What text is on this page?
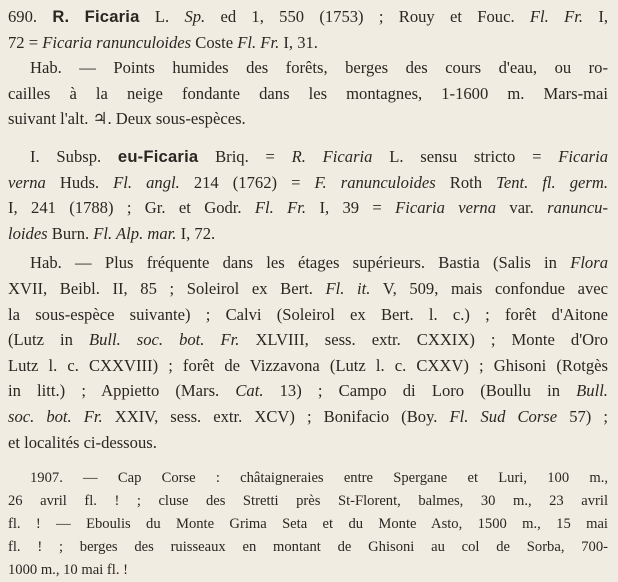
690. R. Ficaria L. Sp. ed 1, 550 (1753) ; Rouy et Fouc. Fl. Fr. I,
72 = Ficaria ranunculoides Coste Fl. Fr. I, 31.
Hab. — Points humides des forêts, berges des cours d'eau, ou ro-
cailles à la neige fondante dans les montagnes, 1-1600 m. Mars-mai
suivant l'alt. ♃. Deux sous-espèces.
I. Subsp. eu-Ficaria Briq. = R. Ficaria L. sensu stricto = Ficaria
verna Huds. Fl. angl. 214 (1762) = F. ranunculoides Roth Tent. fl. germ.
I, 241 (1788) ; Gr. et Godr. Fl. Fr. I, 39 = Ficaria verna var. ranuncu-
loides Burn. Fl. Alp. mar. I, 72.
Hab. — Plus fréquente dans les étages supérieurs. Bastia (Salis in Flora
XVII, Beibl. II, 85 ; Soleirol ex Bert. Fl. it. V, 509, mais confondue avec
la sous-espèce suivante) ; Calvi (Soleirol ex Bert. l. c.) ; forêt d'Aitone
(Lutz in Bull. soc. bot. Fr. XLVIII, sess. extr. CXXIX) ; Monte d'Oro
Lutz l. c. CXXVIII) ; forêt de Vizzavona (Lutz l. c. CXXV) ; Ghisoni (Rotgès
in litt.) ; Appietto (Mars. Cat. 13) ; Campo di Loro (Boullu in Bull.
soc. bot. Fr. XXIV, sess. extr. XCV) ; Bonifacio (Boy. Fl. Sud Corse 57) ;
et localités ci-dessous.
1907. — Cap Corse : châtaigneraies entre Spergane et Luri, 100 m.,
26 avril fl. ! ; cluse des Stretti près St-Florent, balmes, 30 m., 23 avril
fl. ! — Eboulis du Monte Grima Seta et du Monte Asto, 1500 m., 15 mai
fl. ! ; berges des ruisseaux en montant de Ghisoni au col de Sorba, 700-
1000 m., 10 mai fl. !
